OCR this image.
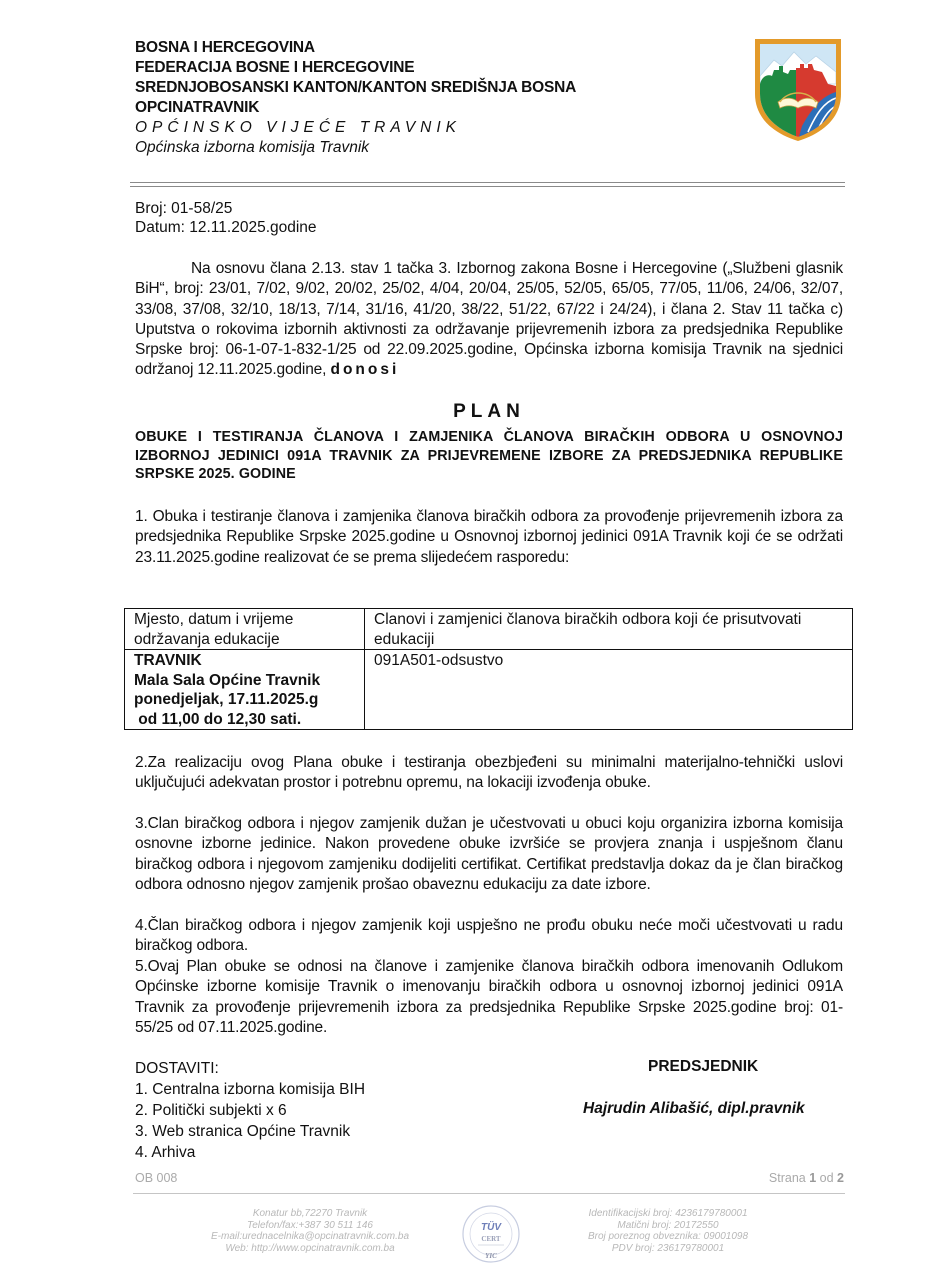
BOSNA I HERCEGOVINA
FEDERACIJA BOSNE I HERCEGOVINE
SREDNJOBOSANSKI KANTON/KANTON SREDIŠNJA BOSNA
OPCINATRAVNIK
OPĆINSKO VIJEĆE TRAVNIK
Općinska izborna komisija Travnik
Broj: 01-58/25
Datum: 12.11.2025.godine
Na osnovu člana 2.13. stav 1 tačka 3. Izbornog zakona Bosne i Hercegovine („Službeni glasnik BiH“, broj: 23/01, 7/02, 9/02, 20/02, 25/02, 4/04, 20/04, 25/05, 52/05, 65/05, 77/05, 11/06, 24/06, 32/07, 33/08, 37/08, 32/10, 18/13, 7/14, 31/16, 41/20, 38/22, 51/22, 67/22 i 24/24), i člana 2. Stav 11 tačka c) Uputstva o rokovima izbornih aktivnosti za održavanje prijevremenih izbora za predsjednika Republike Srpske broj: 06-1-07-1-832-1/25 od 22.09.2025.godine, Općinska izborna komisija Travnik na sjednici održanoj 12.11.2025.godine, donosi
PLAN
OBUKE I TESTIRANJA ČLANOVA I ZAMJENIKA ČLANOVA BIRAČKIH ODBORA U OSNOVNOJ IZBORNOJ JEDINICI 091A TRAVNIK ZA PRIJEVREMENE IZBORE ZA PREDSJEDNIKA REPUBLIKE SRPSKE 2025. GODINE
1. Obuka i testiranje članova i zamjenika članova biračkih odbora za provođenje prijevremenih izbora za predsjednika Republike Srpske 2025.godine u Osnovnoj izbornoj jedinici 091A Travnik koji će se održati 23.11.2025.godine realizovat će se prema slijedećem rasporedu:
Mjesto, datum i vrijeme održavanja edukacije	Clanovi i zamjenici članova biračkih odbora koji će prisutvovati edukaciji

TRAVNIK
Mala Sala Općine Travnik
ponedjeljak, 17.11.2025.g
od 11,00 do 12,30 sati.	091A501-odsustvo
2.Za realizaciju ovog Plana obuke i testiranja obezbjeđeni su minimalni materijalno-tehnički uslovi uključujući adekvatan prostor i potrebnu opremu, na lokaciji izvođenja obuke.
3.Clan biračkog odbora i njegov zamjenik dužan je učestvovati u obuci koju organizira izborna komisija osnovne izborne jedinice. Nakon provedene obuke izvršiće se provjera znanja i uspješnom članu biračkog odbora i njegovom zamjeniku dodijeliti certifikat. Certifikat predstavlja dokaz da je član biračkog odbora odnosno njegov zamjenik prošao obaveznu edukaciju za date izbore.
4.Član biračkog odbora i njegov zamjenik koji uspješno ne prođu obuku neće moči učestvovati u radu biračkog odbora.
5.Ovaj Plan obuke se odnosi na članove i zamjenike članova biračkih odbora imenovanih Odlukom Općinske izborne komisije Travnik o imenovanju biračkih odbora u osnovnoj izbornoj jedinici 091A Travnik za provođenje prijevremenih izbora za predsjednika Republike Srpske 2025.godine broj: 01-55/25 od 07.11.2025.godine.
DOSTAVITI:
1. Centralna izborna komisija BIH
2. Politički subjekti x 6
3. Web stranica Općine Travnik
4. Arhiva
PREDSJEDNIK
Hajrudin Alibašić, dipl.pravnik
OB 008	Strana 1 od 2
Konatur bb,72270 Travnik
Telefon/fax:+387 30 511 146
E-mail:urednacelnika@opcinatravnik.com.ba
Web: http://www.opcinatravnik.com.ba
TÜV
CERT
YIC
Identifikacijski broj: 4236179780001
Matični broj: 20172550
Broj poreznog obveznika: 09001098
PDV broj: 236179780001
